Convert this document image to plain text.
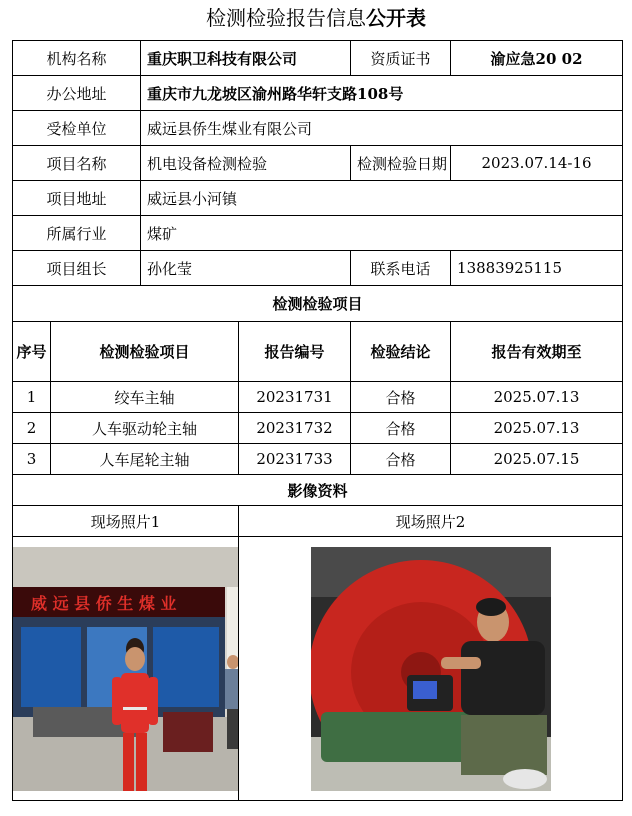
检测检验报告信息公开表
机构名称		重庆职卫科技有限公司		资质证书	渝应急20 02
办公地址		重庆市九龙坡区渝州路华轩支路108号			
受检单位		威远县侨生煤业有限公司			
项目名称		机电设备检测检验		检测检验日期	2023.07.14-16
项目地址		威远县小河镇			
所属行业		煤矿			
项目组长		孙化莹		联系电话	13883925115
检测检验项目					
序号	检测检验项目		报告编号	检验结论	报告有效期至
1	绞车主轴		20231731	合格	2025.07.13
2	人车驱动轮主轴		20231732	合格	2025.07.13
3	人车尾轮主轴		20231733	合格	2025.07.15
影像资料					
现场照片1			现场照片2		

威 远 县 侨 生 煤 业
